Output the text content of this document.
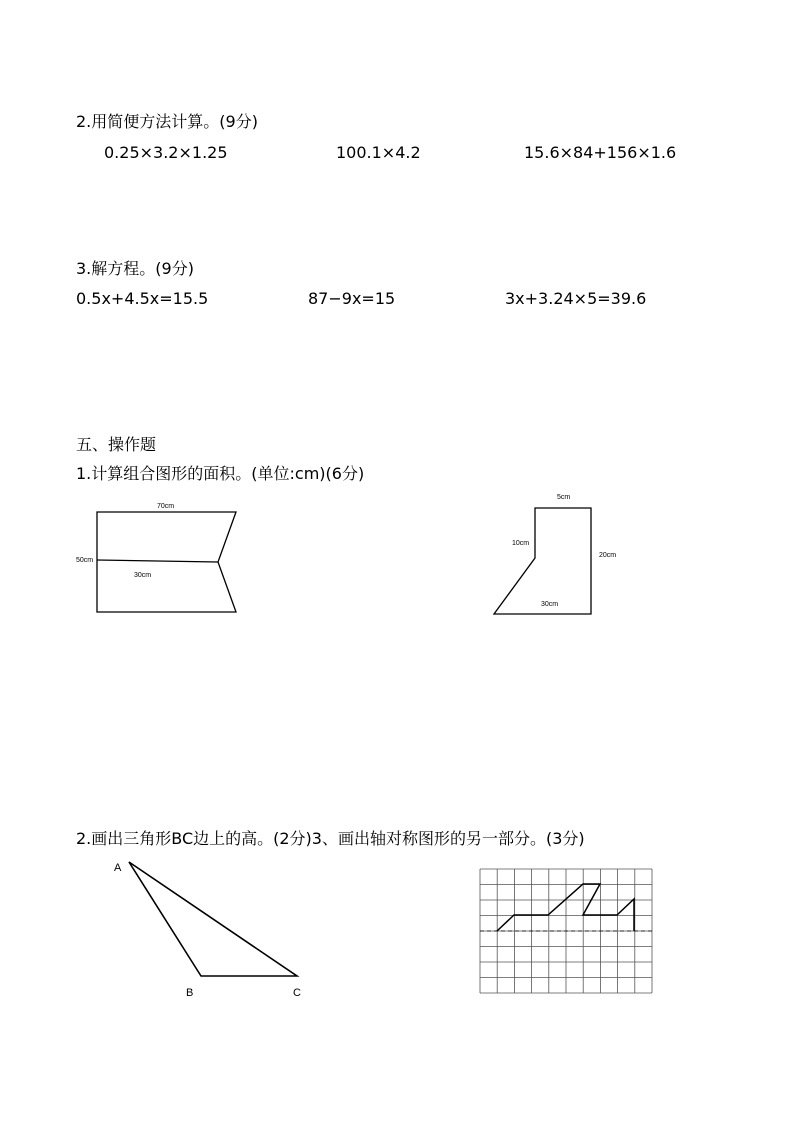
2.用简便方法计算。(9分)
0.25×3.2×1.25	100.1×4.2	15.6×84+156×1.6
3.解方程。(9分)
0.5x+4.5x=15.5	87−9x=15	3x+3.24×5=39.6
五、操作题
1.计算组合图形的面积。(单位:cm)(6分)
70cm
50cm
30cm
5cm
10cm
20cm
30cm
2.画出三角形BC边上的高。(2分)3、画出轴对称图形的另一部分。(3分)
A
B	C
